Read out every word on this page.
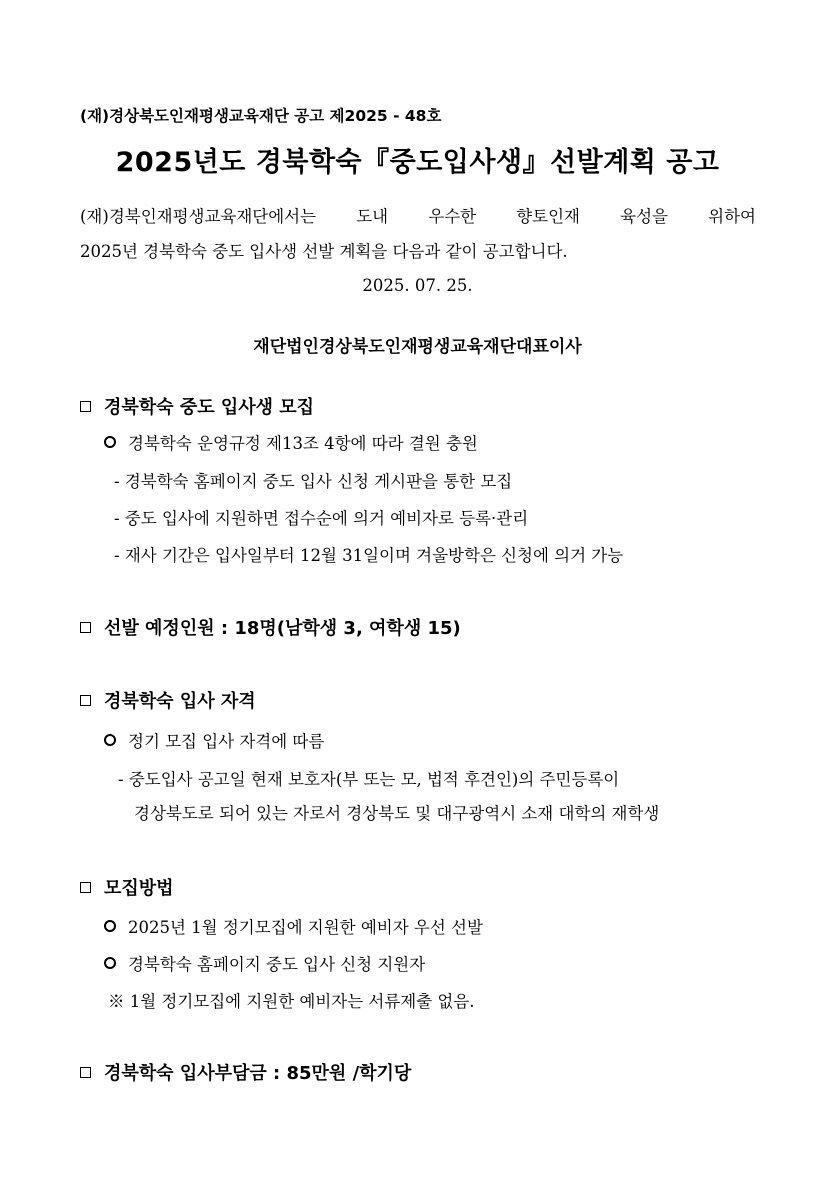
(재)경상북도인재평생교육재단 공고 제2025 - 48호
2025년도 경북학숙『중도입사생』선발계획 공고
(재)경북인재평생교육재단에서는 도내 우수한 향토인재 육성을 위하여
2025년 경북학숙 중도 입사생 선발 계획을 다음과 같이 공고합니다.
2025. 07. 25.
재단법인경상북도인재평생교육재단대표이사
경북학숙 중도 입사생 모집
경북학숙 운영규정 제13조 4항에 따라 결원 충원
- 경북학숙 홈페이지 중도 입사 신청 게시판을 통한 모집
- 중도 입사에 지원하면 접수순에 의거 예비자로 등록·관리
- 재사 기간은 입사일부터 12월 31일이며 겨울방학은 신청에 의거 가능
선발 예정인원 : 18명(남학생 3, 여학생 15)
경북학숙 입사 자격
정기 모집 입사 자격에 따름
- 중도입사 공고일 현재 보호자(부 또는 모, 법적 후견인)의 주민등록이
경상북도로 되어 있는 자로서 경상북도 및 대구광역시 소재 대학의 재학생
모집방법
2025년 1월 정기모집에 지원한 예비자 우선 선발
경북학숙 홈페이지 중도 입사 신청 지원자
※ 1월 정기모집에 지원한 예비자는 서류제출 없음.
경북학숙 입사부담금 : 85만원 /학기당
